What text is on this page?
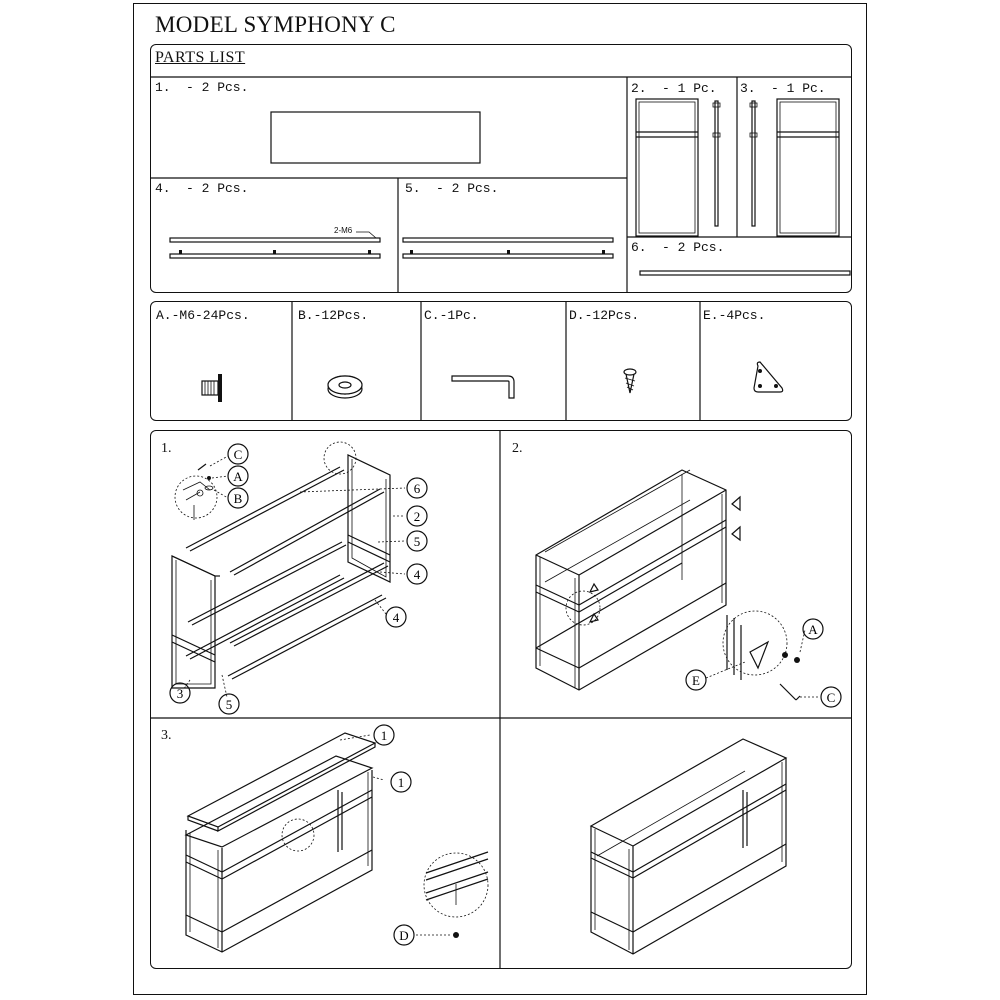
MODEL SYMPHONY C
PARTS LIST
1. - 2 Pcs.	2. - 1 Pc. 3. - 1 Pc.
4. - 2 Pcs.	5. - 2 Pcs.
6. - 2 Pcs.
2-M6
A.-M6-24Pcs.	B.-12Pcs.	C.-1Pc.	D.-12Pcs.	E.-4Pcs.
1.	2.
3.
C
A
B
6
2
5
4
4
3
5
A
E
C
1
1
D
